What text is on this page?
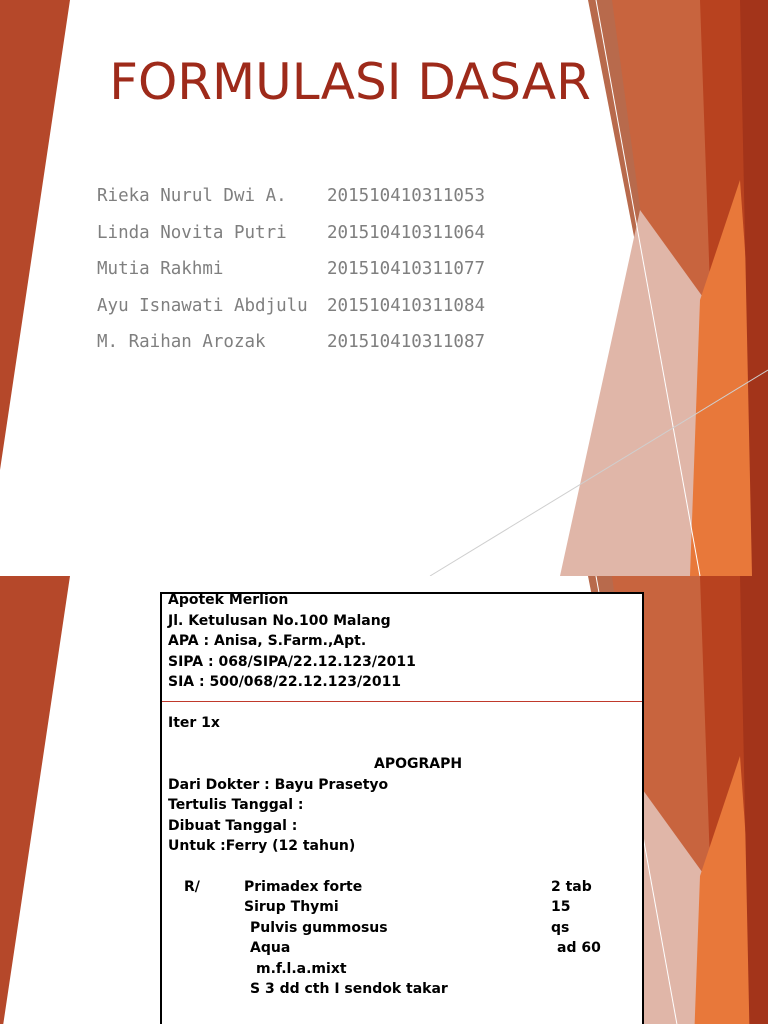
FORMULASI DASAR
Rieka Nurul Dwi A.	201510410311053
Linda Novita Putri	201510410311064
Mutia Rakhmi	201510410311077
Ayu Isnawati Abdjulu	201510410311084
M. Raihan Arozak	201510410311087
Apotek Merlion
Jl. Ketulusan No.100 Malang
APA : Anisa, S.Farm.,Apt.
SIPA : 068/SIPA/22.12.123/2011
SIA : 500/068/22.12.123/2011
Iter 1x
APOGRAPH
Dari Dokter : Bayu Prasetyo
Tertulis Tanggal :
Dibuat Tanggal :
Untuk :Ferry (12 tahun)
R/	Primadex forte	2 tab
Sirup Thymi	15
Pulvis gummosus	qs
Aqua	ad 60
m.f.l.a.mixt
S 3 dd cth I sendok takar
